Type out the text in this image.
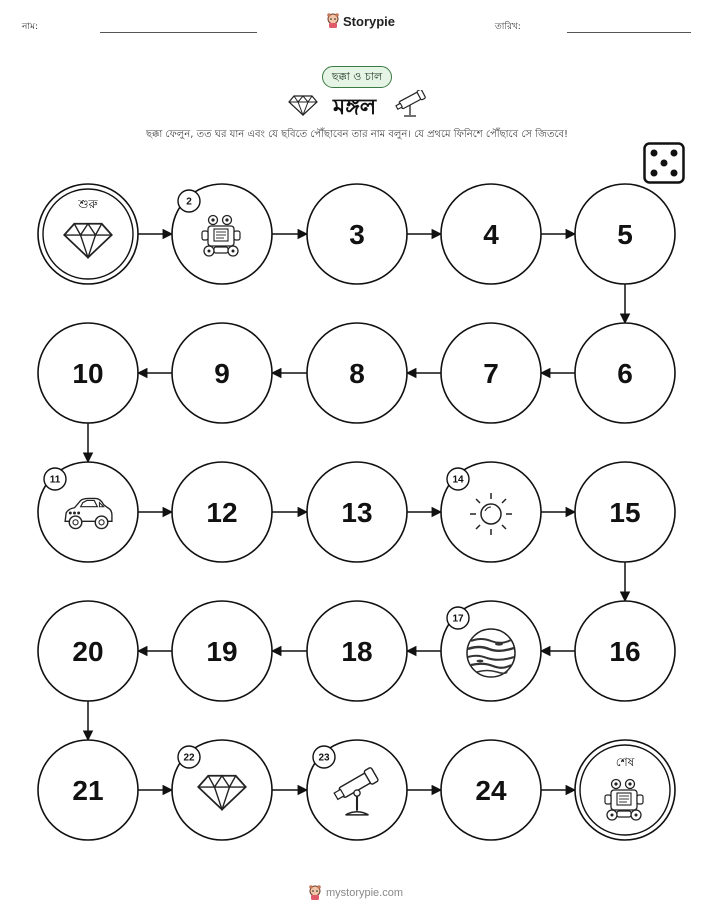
নাম:	Storypie	তারিখ:
ছক্কা ও চাল
মঙ্গল
ছক্কা ফেলুন, তত ঘর যান এবং যে ছবিতে পৌঁছাবেন তার নাম বলুন। যে প্রথমে ফিনিশে পৌঁছাবে সে জিতবে!
শুরু	2
3	4	5
6
7
8
9
10
11
12	13
14
15
16
17
18
19
20
21
22	23
24
শেষ
mystorypie.com
